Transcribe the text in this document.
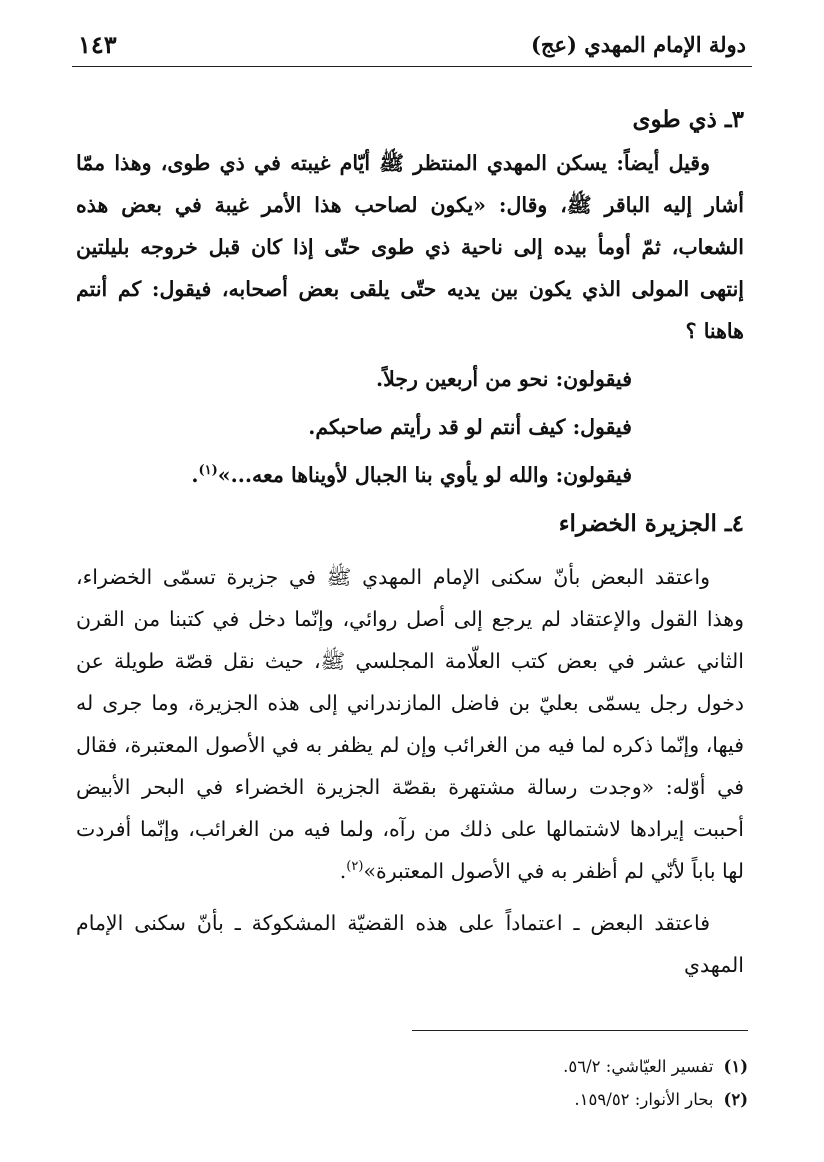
دولة الإمام المهدي (عج)
١٤٣
٣ـ ذي طوى

وقيل أيضاً: يسكن المهدي المنتظر ﷺ أيّام غيبته في ذي طوى، وهذا ممّا أشار إليه الباقر ﷺ، وقال: «يكون لصاحب هذا الأمر غيبة في بعض هذه الشعاب، ثمّ أومأ بيده إلى ناحية ذي طوى حتّى إذا كان قبل خروجه بليلتين إنتهى المولى الذي يكون بين يديه حتّى يلقى بعض أصحابه، فيقول: كم أنتم هاهنا ؟

فيقولون: نحو من أربعين رجلاً.

فيقول: كيف أنتم لو قد رأيتم صاحبكم.

فيقولون: والله لو يأوي بنا الجبال لأويناها معه...»$^{(١)}$.

٤ـ الجزيرة الخضراء

واعتقد البعض بأنّ سكنى الإمام المهدي ﷺ في جزيرة تسمّى الخضراء، وهذا القول والإعتقاد لم يرجع إلى أصل روائي، وإنّما دخل في كتبنا من القرن الثاني عشر في بعض كتب العلّامة المجلسي ﷺ، حيث نقل قصّة طويلة عن دخول رجل يسمّى بعليّ بن فاضل المازندراني إلى هذه الجزيرة، وما جرى له فيها، وإنّما ذكره لما فيه من الغرائب وإن لم يظفر به في الأصول المعتبرة، فقال في أوّله: «وجدت رسالة مشتهرة بقصّة الجزيرة الخضراء في البحر الأبيض أحببت إيرادها لاشتمالها على ذلك من رآه، ولما فيه من الغرائب، وإنّما أفردت لها باباً لأنّي لم أظفر به في الأصول المعتبرة»$^{(٢)}$.

فاعتقد البعض ـ اعتماداً على هذه القضيّة المشكوكة ـ بأنّ سكنى الإمام المهدي

(١)
تفسير العيّاشي: ٥٦/٢.
(٢)
بحار الأنوار: ١٥٩/٥٢.
